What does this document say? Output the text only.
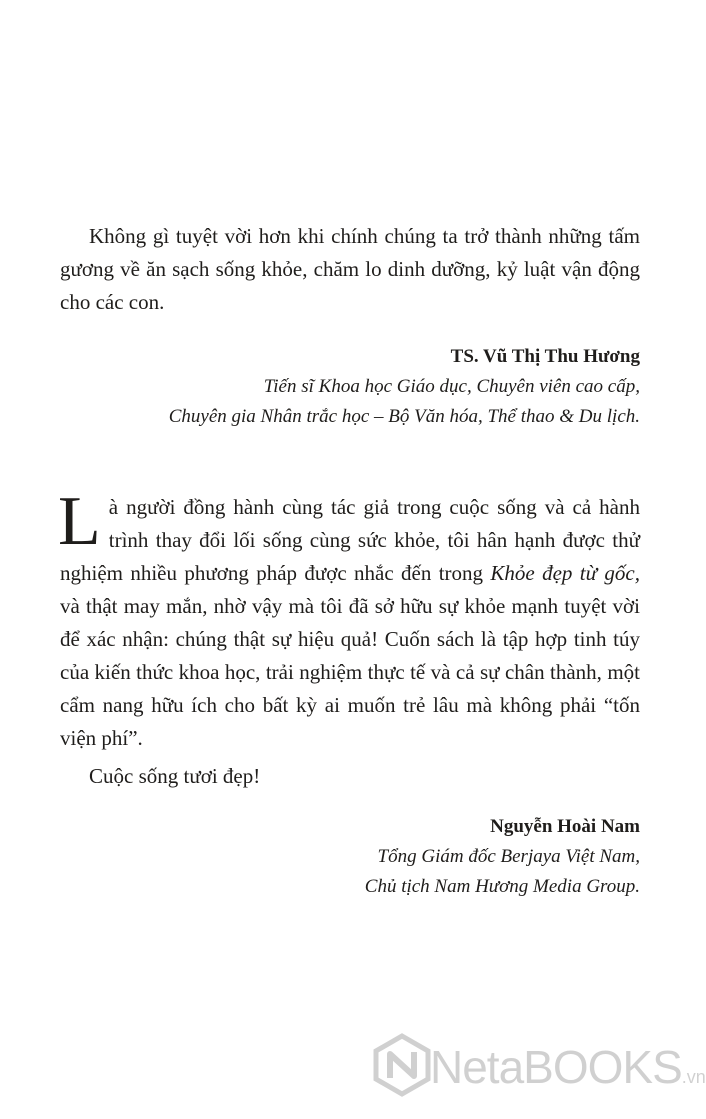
Không gì tuyệt vời hơn khi chính chúng ta trở thành những tấm gương về ăn sạch sống khỏe, chăm lo dinh dưỡng, kỷ luật vận động cho các con.

TS. Vũ Thị Thu Hương
Tiến sĩ Khoa học Giáo dục, Chuyên viên cao cấp,
Chuyên gia Nhân trắc học – Bộ Văn hóa, Thể thao & Du lịch.

Là người đồng hành cùng tác giả trong cuộc sống và cả hành trình thay đổi lối sống cùng sức khỏe, tôi hân hạnh được thử nghiệm nhiều phương pháp được nhắc đến trong Khỏe đẹp từ gốc, và thật may mắn, nhờ vậy mà tôi đã sở hữu sự khỏe mạnh tuyệt vời để xác nhận: chúng thật sự hiệu quả! Cuốn sách là tập hợp tinh túy của kiến thức khoa học, trải nghiệm thực tế và cả sự chân thành, một cẩm nang hữu ích cho bất kỳ ai muốn trẻ lâu mà không phải “tốn viện phí”.

Cuộc sống tươi đẹp!

Nguyễn Hoài Nam
Tổng Giám đốc Berjaya Việt Nam,
Chủ tịch Nam Hương Media Group.
NetaBOOKS.vn
